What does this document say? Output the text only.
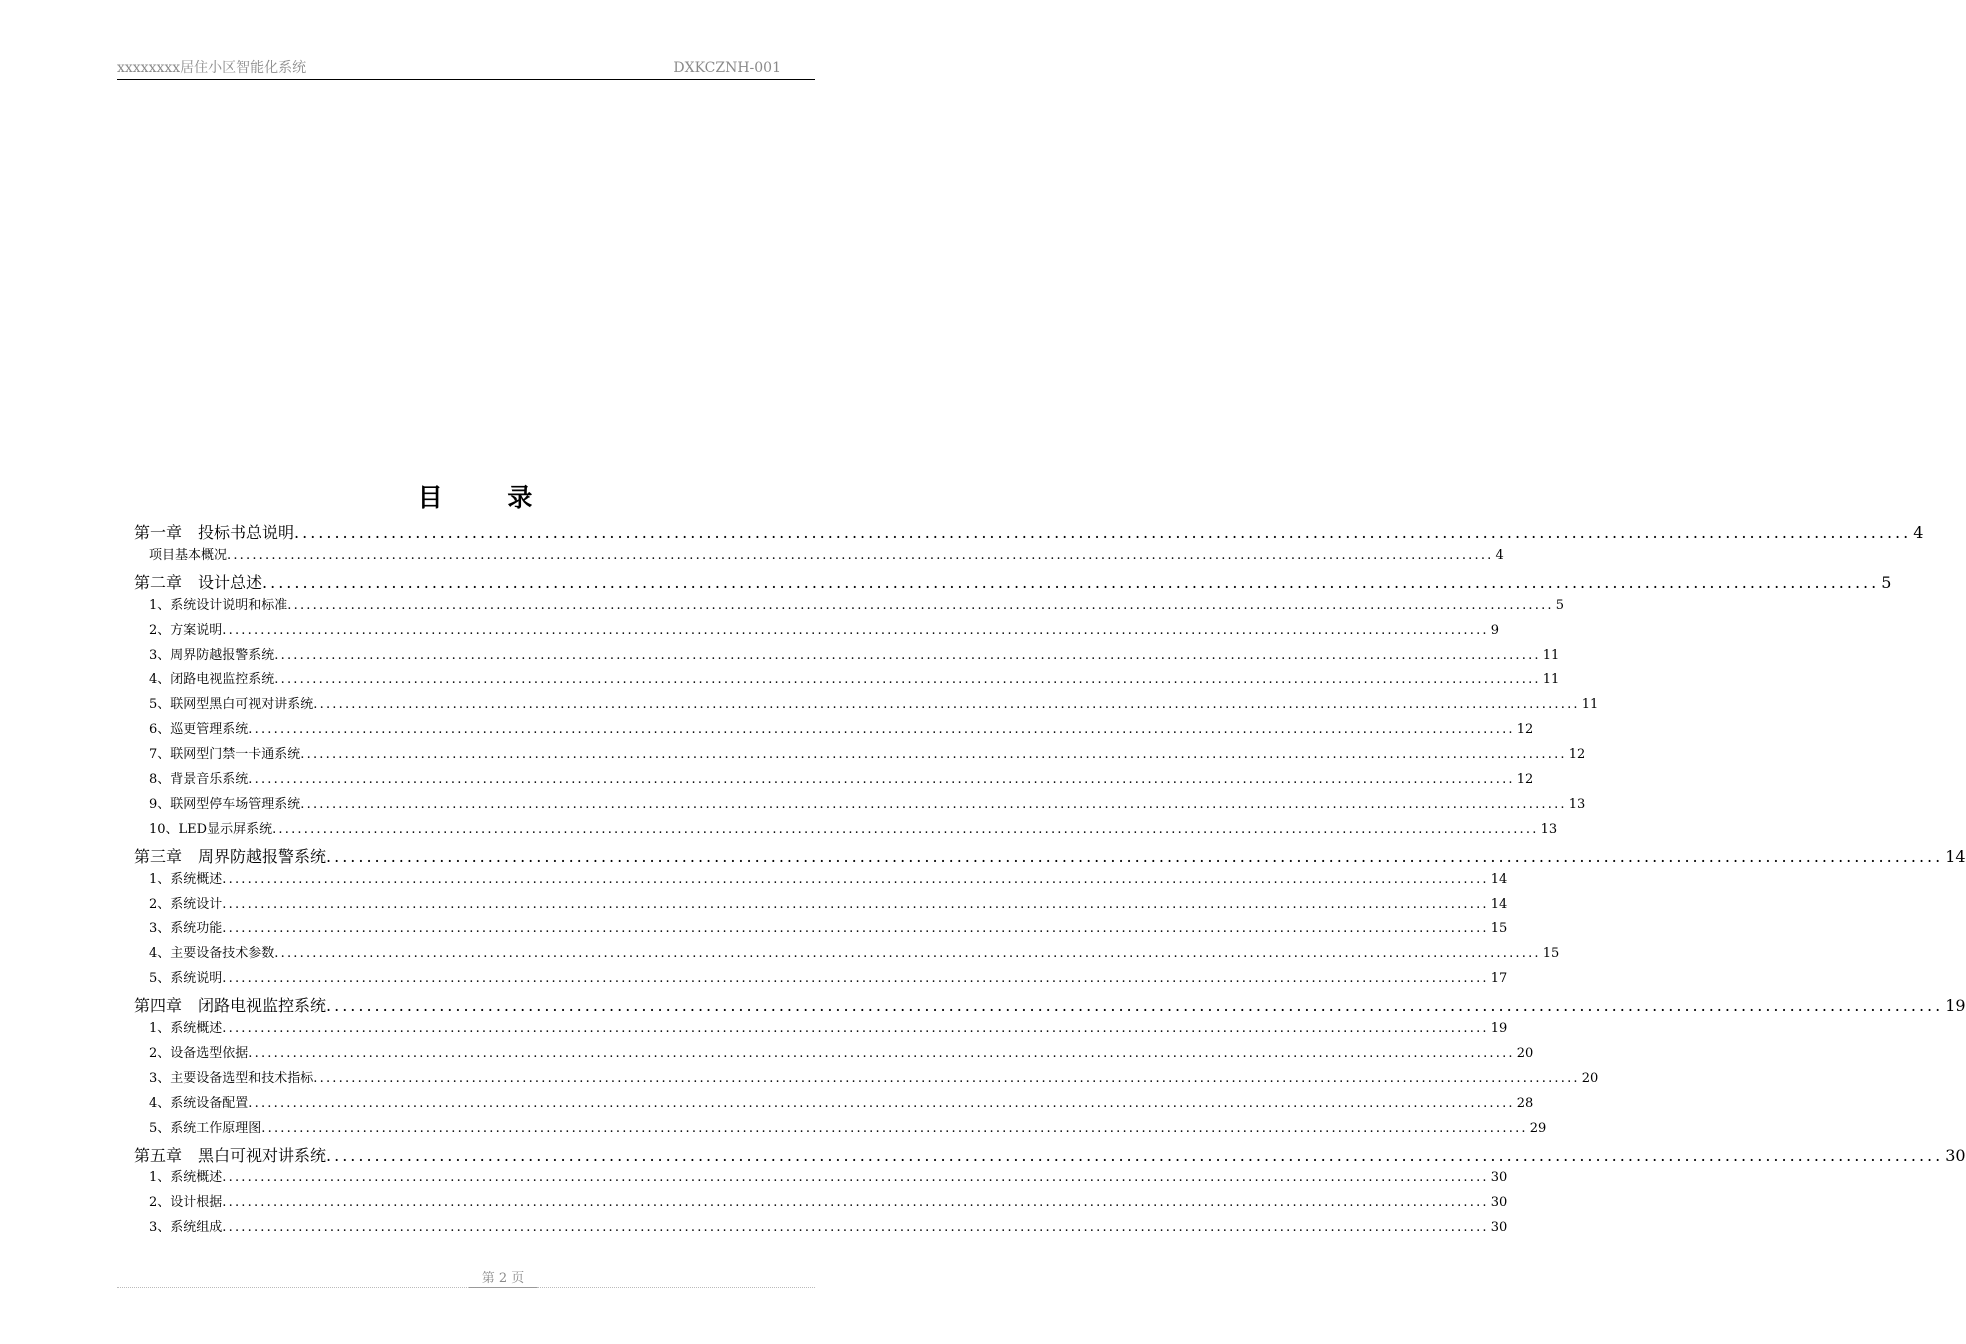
xxxxxxxx居住小区智能化系统	DXKCZNH-001
目	录
第一章　投标书总说明 ........................................................................................................................................................................................................ 4
项目基本概况 ........................................................................................................................................................................................................ 4
第二章　设计总述 ........................................................................................................................................................................................................ 5
1、系统设计说明和标准 ........................................................................................................................................................................................................ 5
2、方案说明 ........................................................................................................................................................................................................ 9
3、周界防越报警系统 ........................................................................................................................................................................................................ 11
4、闭路电视监控系统 ........................................................................................................................................................................................................ 11
5、联网型黑白可视对讲系统 ........................................................................................................................................................................................................ 11
6、巡更管理系统 ........................................................................................................................................................................................................ 12
7、联网型门禁一卡通系统 ........................................................................................................................................................................................................ 12
8、背景音乐系统 ........................................................................................................................................................................................................ 12
9、联网型停车场管理系统 ........................................................................................................................................................................................................ 13
10、LED显示屏系统 ........................................................................................................................................................................................................ 13
第三章　周界防越报警系统 ........................................................................................................................................................................................................ 14
1、系统概述 ........................................................................................................................................................................................................ 14
2、系统设计 ........................................................................................................................................................................................................ 14
3、系统功能 ........................................................................................................................................................................................................ 15
4、主要设备技术参数 ........................................................................................................................................................................................................ 15
5、系统说明 ........................................................................................................................................................................................................ 17
第四章　闭路电视监控系统 ........................................................................................................................................................................................................ 19
1、系统概述 ........................................................................................................................................................................................................ 19
2、设备选型依据 ........................................................................................................................................................................................................ 20
3、主要设备选型和技术指标 ........................................................................................................................................................................................................ 20
4、系统设备配置 ........................................................................................................................................................................................................ 28
5、系统工作原理图 ........................................................................................................................................................................................................ 29
第五章　黑白可视对讲系统 ........................................................................................................................................................................................................ 30
1、系统概述 ........................................................................................................................................................................................................ 30
2、设计根据 ........................................................................................................................................................................................................ 30
3、系统组成 ........................................................................................................................................................................................................ 30
第 2 页
